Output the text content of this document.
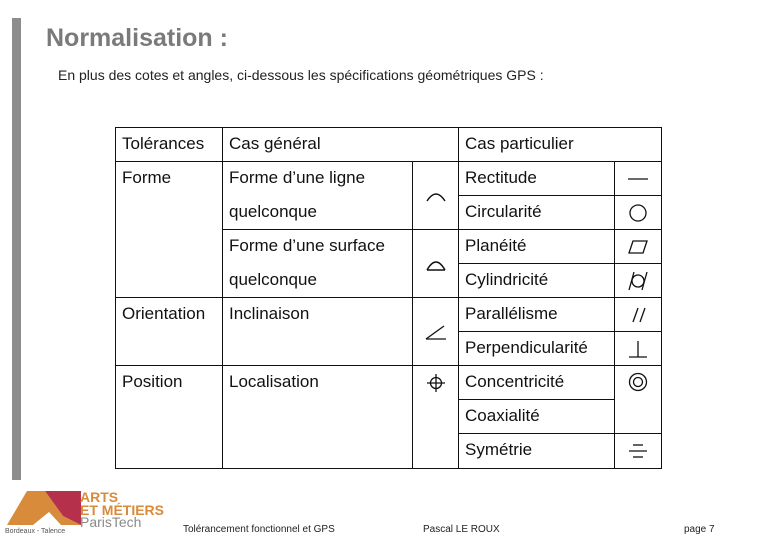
Normalisation :
En plus des cotes et angles, ci-dessous les spécifications géométriques GPS :
Tolérances	Cas général		Cas particulier	
Forme	Forme d’une ligne		Rectitude	

	quelconque		Circularité	

	Forme d’une surface		Planéité	

	quelconque		Cylindricité	

Orientation	Inclinaison		Parallélisme	

			Perpendicularité	

Position	Localisation		Concentricité	

			Coaxialité	
			Symétrie	
ARTS
ET MÉTIERS
ParisTech
Bordeaux - Talence	Tolérancement fonctionnel et GPS	Pascal LE ROUX	page 7
